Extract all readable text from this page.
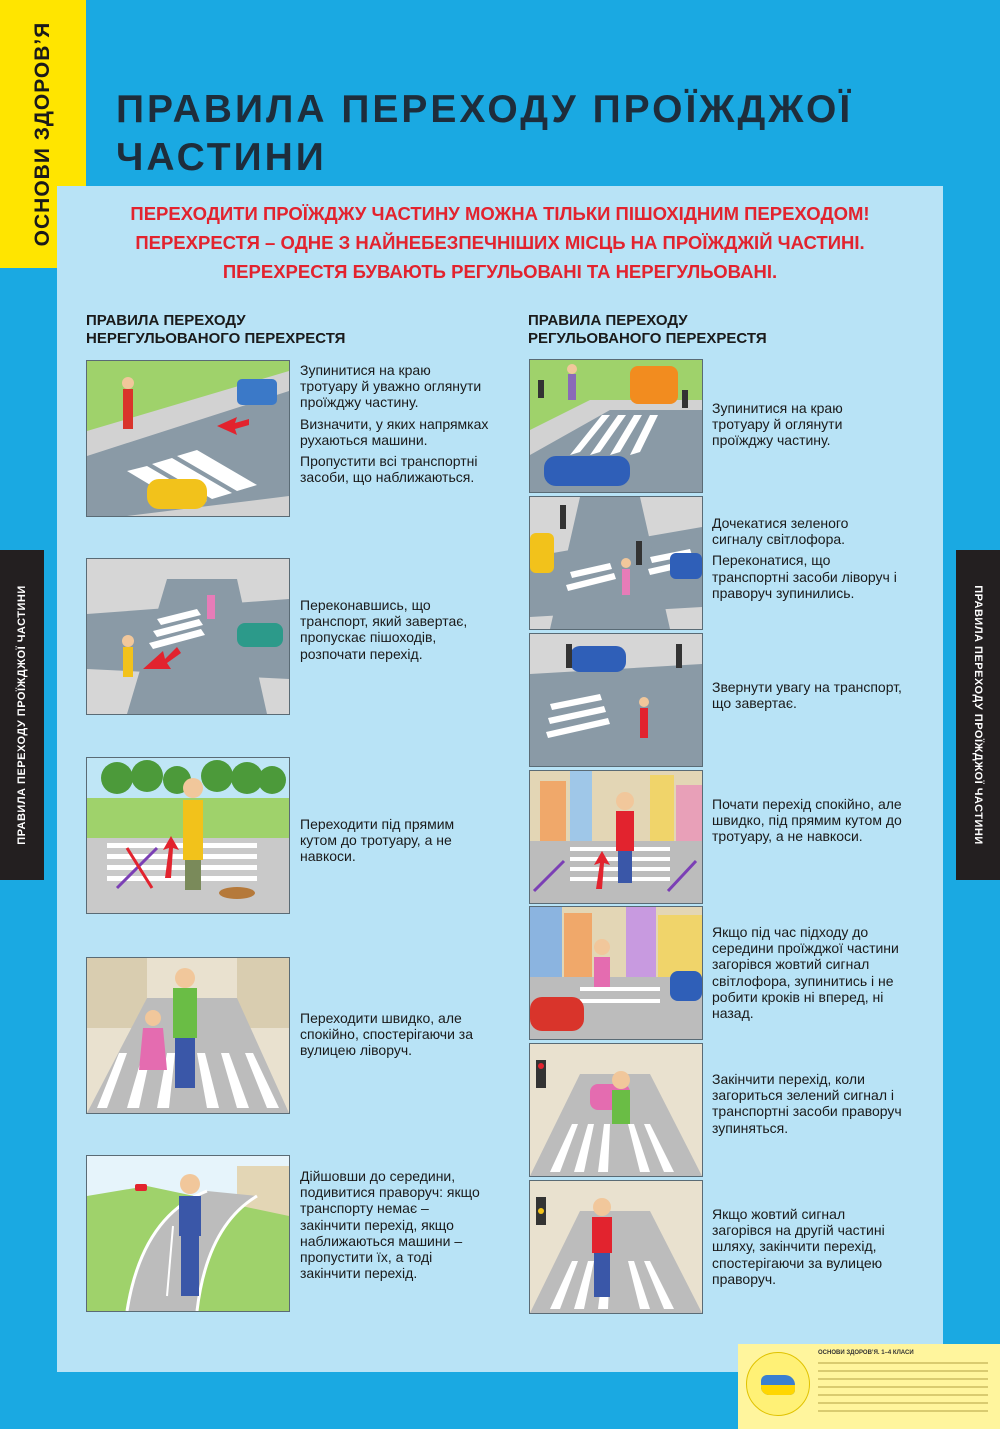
ОСНОВИ ЗДОРОВ’Я ПРАВИЛА ПЕРЕХОДУ ПРОЇЖДЖОЇ
ЧАСТИНИ
ПРАВИЛА ПЕРЕХОДУ ПРОЇЖДЖОЇ ЧАСТИНИ	ПРАВИЛА ПЕРЕХОДУ ПРОЇЖДЖОЇ ЧАСТИНИ
ПЕРЕХОДИТИ ПРОЇЖДЖУ ЧАСТИНУ МОЖНА ТІЛЬКИ ПІШОХІДНИМ ПЕРЕХОДОМ!
ПЕРЕХРЕСТЯ – ОДНЕ З НАЙНЕБЕЗПЕЧНІШИХ МІСЦЬ НА ПРОЇЖДЖІЙ ЧАСТИНІ.
ПЕРЕХРЕСТЯ БУВАЮТЬ РЕГУЛЬОВАНІ ТА НЕРЕГУЛЬОВАНІ.
ПРАВИЛА ПЕРЕХОДУ
НЕРЕГУЛЬОВАНОГО ПЕРЕХРЕСТЯ

Зупинитися на краю тротуару й уважно оглянути проїжджу частину.

Визначити, у яких напрямках рухаються машини.

Пропустити всі транспортні засоби, що наближаються.

Переконавшись, що транспорт, який завертає, пропускає пішоходів, розпочати перехід.

Переходити під прямим кутом до тротуару, а не навкоси.

Переходити швидко, але спокійно, спостерігаючи за вулицею ліворуч.

Дійшовши до середини, подивитися праворуч: якщо транспорту немає – закінчити перехід, якщо наближаються машини – пропустити їх, а тоді закінчити перехід.

ПРАВИЛА ПЕРЕХОДУ
РЕГУЛЬОВАНОГО ПЕРЕХРЕСТЯ

Зупинитися на краю тротуару й оглянути проїжджу частину.

Дочекатися зеленого сигналу світлофора.

Переконатися, що транспортні засоби ліворуч і праворуч зупинились.

Звернути увагу на транспорт, що завертає.

Почати перехід спокійно, але швидко, під прямим кутом до тротуару, а не навкоси.

Якщо під час підходу до середини проїжджої частини загорівся жовтий сигнал світлофора, зупинитись і не робити кроків ні вперед, ні назад.

Закінчити перехід, коли загориться зелений сигнал і транспортні засоби праворуч зупиняться.

Якщо жовтий сигнал загорівся на другій частині шляху, закінчити перехід, спостерігаючи за вулицею праворуч.

ОСНОВИ ЗДОРОВ’Я. 1–4 КЛАСИ
